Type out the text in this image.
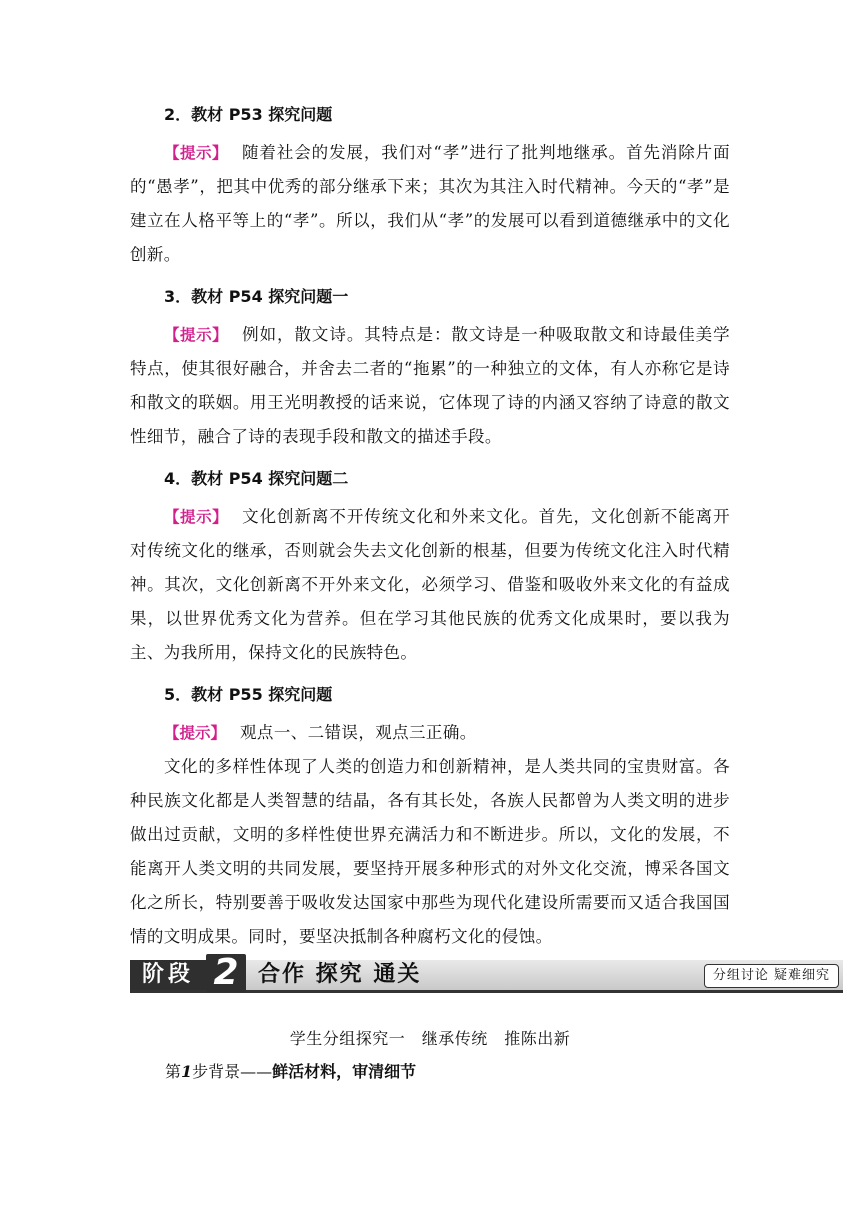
2．教材 P53 探究问题

【提示】 随着社会的发展，我们对“孝”进行了批判地继承。首先消除片面的“愚孝”，把其中优秀的部分继承下来；其次为其注入时代精神。今天的“孝”是建立在人格平等上的“孝”。所以，我们从“孝”的发展可以看到道德继承中的文化创新。

3．教材 P54 探究问题一

【提示】 例如，散文诗。其特点是：散文诗是一种吸取散文和诗最佳美学特点，使其很好融合，并舍去二者的“拖累”的一种独立的文体，有人亦称它是诗和散文的联姻。用王光明教授的话来说，它体现了诗的内涵又容纳了诗意的散文性细节，融合了诗的表现手段和散文的描述手段。

4．教材 P54 探究问题二

【提示】 文化创新离不开传统文化和外来文化。首先，文化创新不能离开对传统文化的继承，否则就会失去文化创新的根基，但要为传统文化注入时代精神。其次，文化创新离不开外来文化，必须学习、借鉴和吸收外来文化的有益成果，以世界优秀文化为营养。但在学习其他民族的优秀文化成果时，要以我为主、为我所用，保持文化的民族特色。

5．教材 P55 探究问题

【提示】 观点一、二错误，观点三正确。

文化的多样性体现了人类的创造力和创新精神，是人类共同的宝贵财富。各种民族文化都是人类智慧的结晶，各有其长处，各族人民都曾为人类文明的进步做出过贡献，文明的多样性使世界充满活力和不断进步。所以，文化的发展，不能离开人类文明的共同发展，要坚持开展多种形式的对外文化交流，博采各国文化之所长，特别要善于吸收发达国家中那些为现代化建设所需要而又适合我国国情的文明成果。同时，要坚决抵制各种腐朽文化的侵蚀。

阶段 2 合作 探究 通关	分组讨论 疑难细究
学生分组探究一　继承传统　推陈出新
第1步背景——鲜活材料，审清细节
